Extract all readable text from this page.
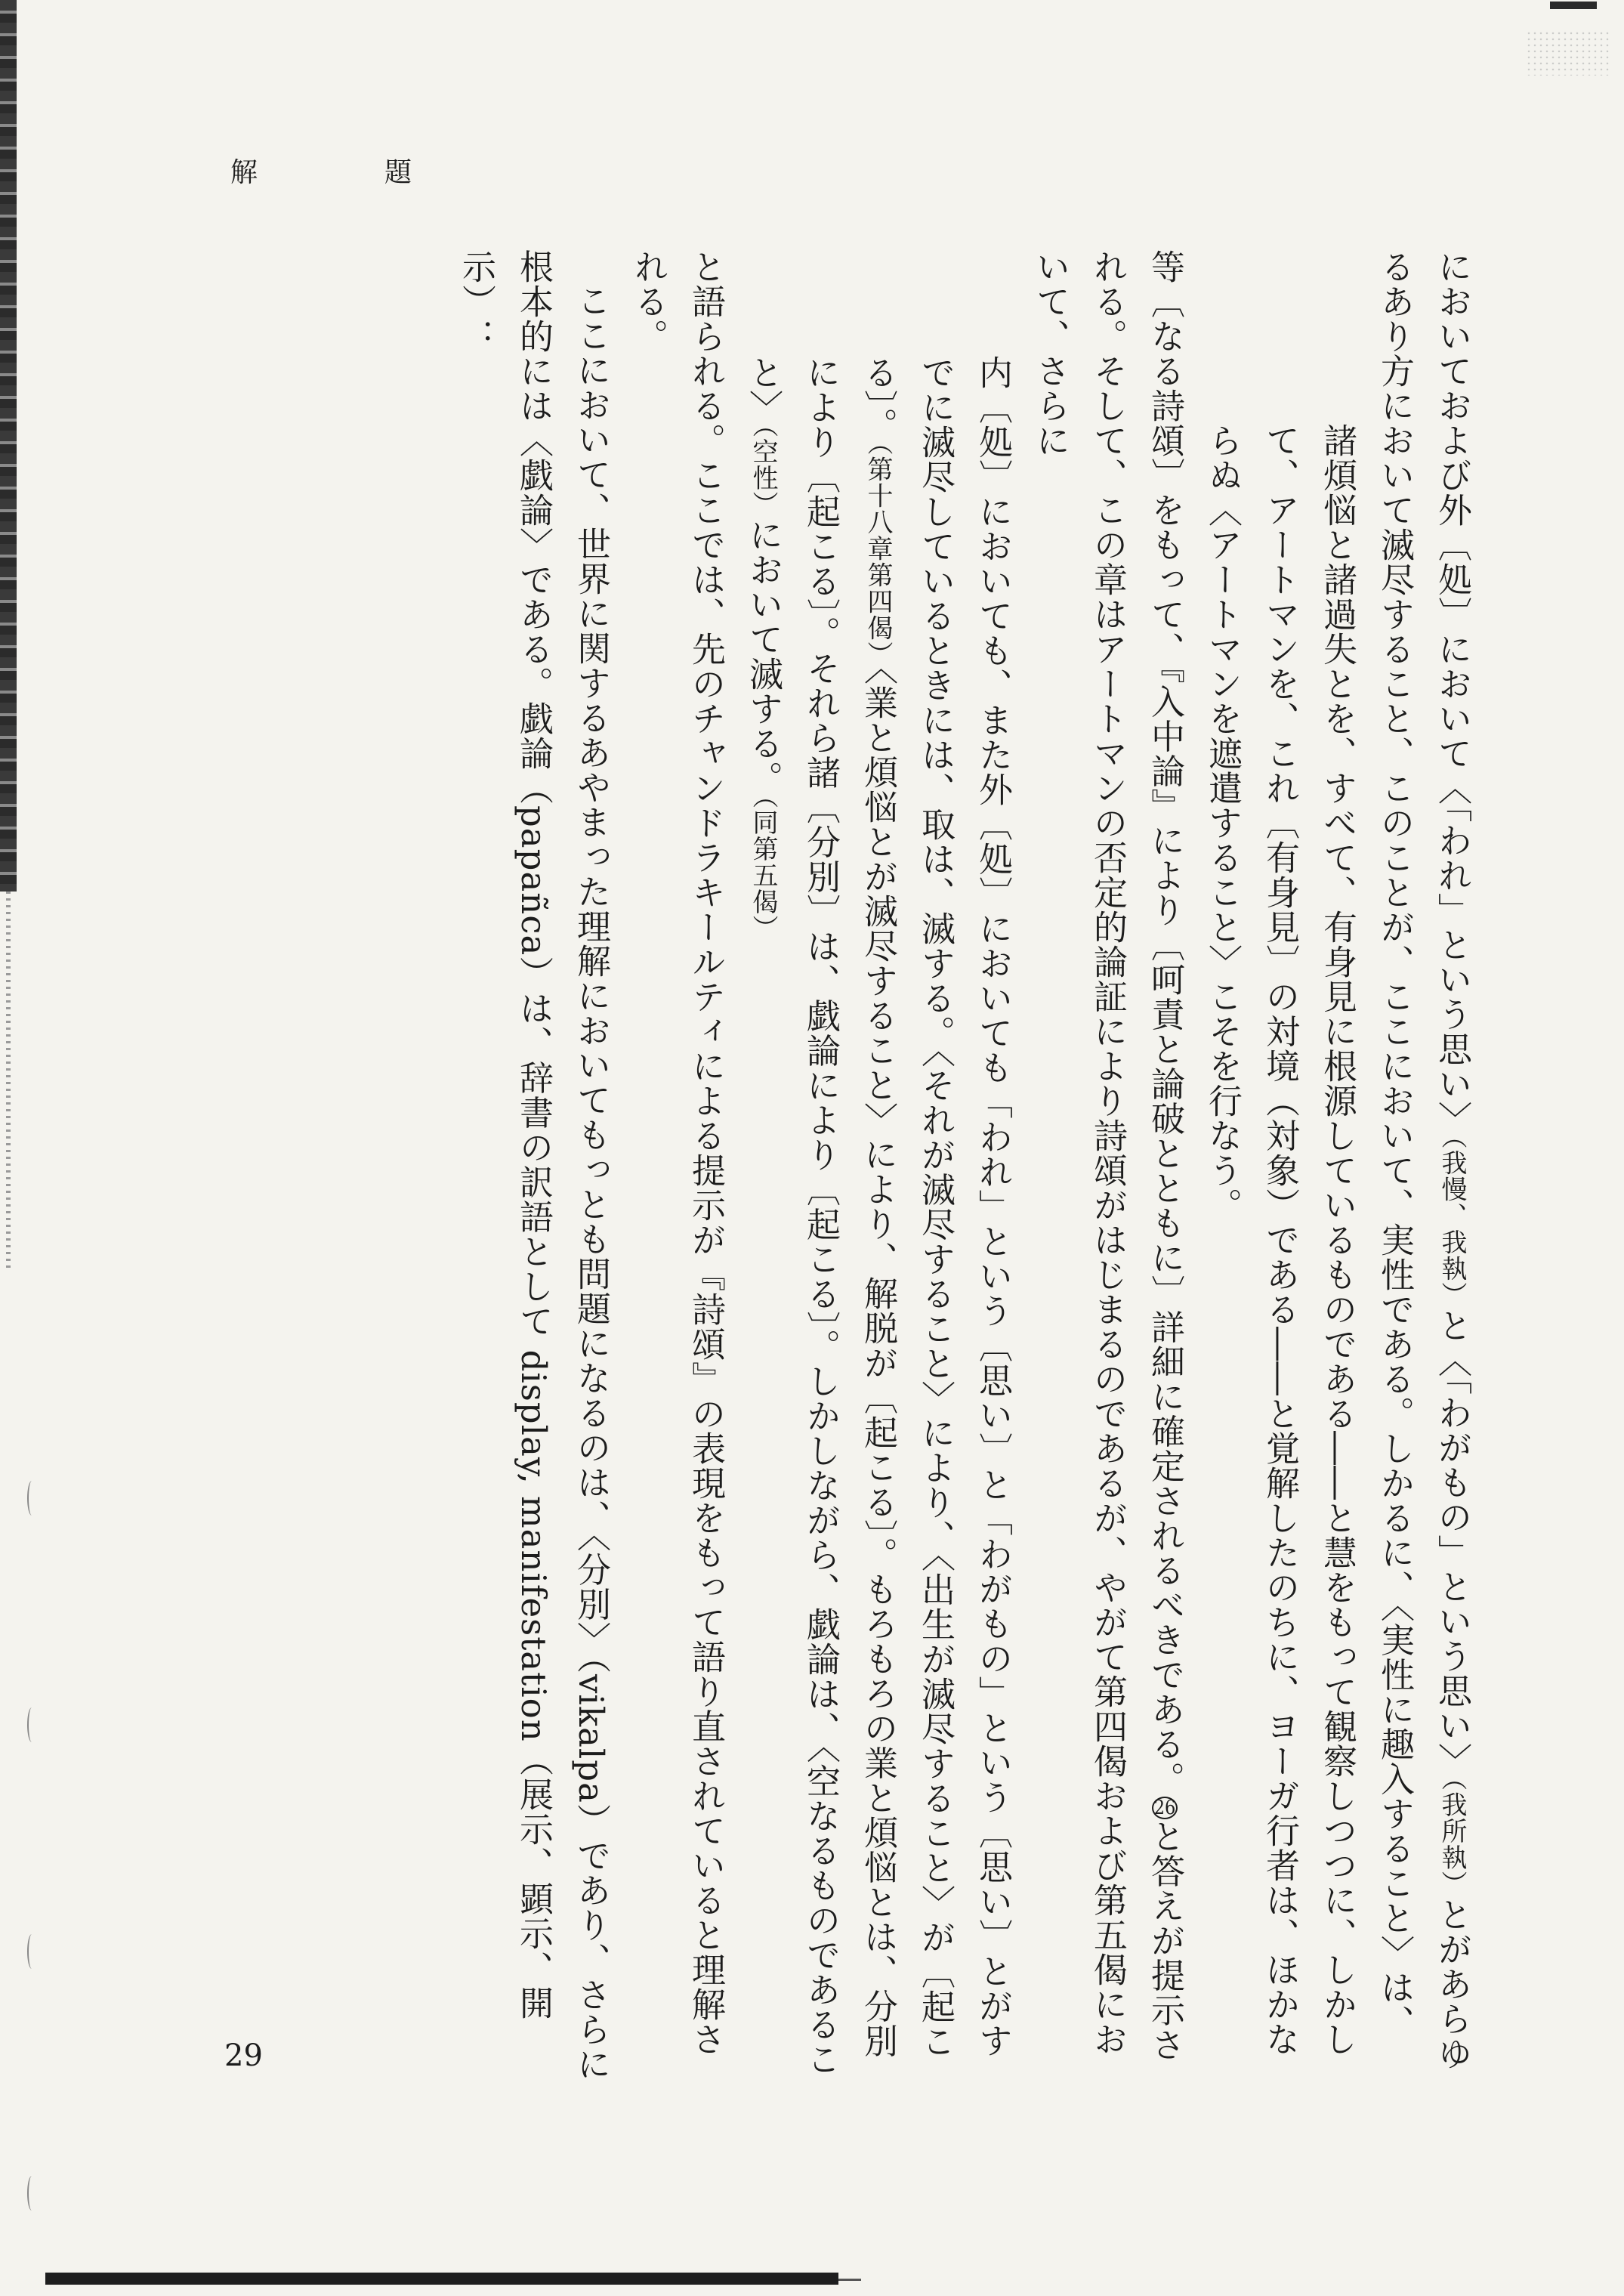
解　題

においておよび外〔処〕において〈「われ」という思い〉（我慢、我執）と〈「わがもの」という思い〉（我所執）とがあらゆるあり方において滅尽すること、このことが、ここにおいて、実性である。しかるに、〈実性に趣入すること〉は、

諸煩悩と諸過失とを、すべて、有身見に根源しているものである――と慧をもって観察しつつに、しかして、アートマンを、これ〔有身見〕の対境（対象）である――と覚解したのちに、ヨーガ行者は、ほかならぬ〈アートマンを遮遣すること〉こそを行なう。

等〔なる詩頌〕をもって、『入中論』により〔呵責と論破とともに〕詳細に確定されるべきである。26と答えが提示される。そして、この章はアートマンの否定的論証により詩頌がはじまるのであるが、やがて第四偈および第五偈において、さらに

内〔処〕においても、また外〔処〕においても「われ」という〔思い〕と「わがもの」という〔思い〕とがすでに滅尽しているときには、取は、滅する。〈それが滅尽すること〉により、〈出生が滅尽すること〉が〔起こる〕。（第十八章第四偈）〈業と煩悩とが滅尽すること〉により、解脱が〔起こる〕。もろもろの業と煩悩とは、分別により〔起こる〕。それら諸〔分別〕は、戯論により〔起こる〕。しかしながら、戯論は、〈空なるものであること〉（空性）において滅する。（同第五偈）

と語られる。ここでは、先のチャンドラキールティによる提示が『詩頌』の表現をもって語り直されていると理解される。

ここにおいて、世界に関するあやまった理解においてもっとも問題になるのは、〈分別〉（vikalpa）であり、さらに根本的には〈戯論〉である。戯論（papañca）は、辞書の訳語として display, manifestation（展示、顕示、開示）：

29
